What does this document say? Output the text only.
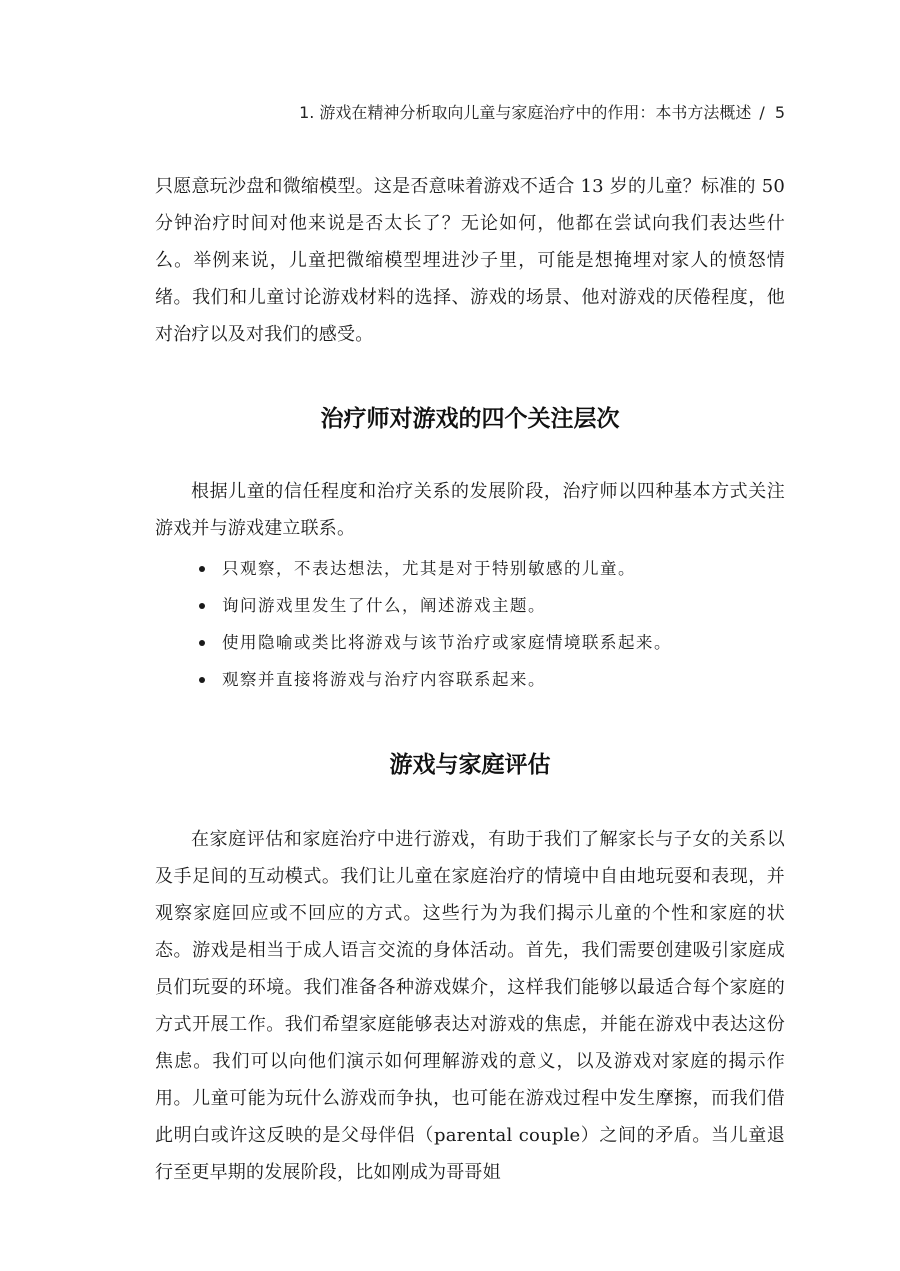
1. 游戏在精神分析取向儿童与家庭治疗中的作用：本书方法概述 / 5

只愿意玩沙盘和微缩模型。这是否意味着游戏不适合 13 岁的儿童？标准的 50 分钟治疗时间对他来说是否太长了？无论如何，他都在尝试向我们表达些什么。举例来说，儿童把微缩模型埋进沙子里，可能是想掩埋对家人的愤怒情绪。我们和儿童讨论游戏材料的选择、游戏的场景、他对游戏的厌倦程度，他对治疗以及对我们的感受。

治疗师对游戏的四个关注层次

根据儿童的信任程度和治疗关系的发展阶段，治疗师以四种基本方式关注游戏并与游戏建立联系。

只观察，不表达想法，尤其是对于特别敏感的儿童。
询问游戏里发生了什么，阐述游戏主题。
使用隐喻或类比将游戏与该节治疗或家庭情境联系起来。
观察并直接将游戏与治疗内容联系起来。
游戏与家庭评估

在家庭评估和家庭治疗中进行游戏，有助于我们了解家长与子女的关系以及手足间的互动模式。我们让儿童在家庭治疗的情境中自由地玩耍和表现，并观察家庭回应或不回应的方式。这些行为为我们揭示儿童的个性和家庭的状态。游戏是相当于成人语言交流的身体活动。首先，我们需要创建吸引家庭成员们玩耍的环境。我们准备各种游戏媒介，这样我们能够以最适合每个家庭的方式开展工作。我们希望家庭能够表达对游戏的焦虑，并能在游戏中表达这份焦虑。我们可以向他们演示如何理解游戏的意义，以及游戏对家庭的揭示作用。儿童可能为玩什么游戏而争执，也可能在游戏过程中发生摩擦，而我们借此明白或许这反映的是父母伴侣（parental couple）之间的矛盾。当儿童退行至更早期的发展阶段，比如刚成为哥哥姐
